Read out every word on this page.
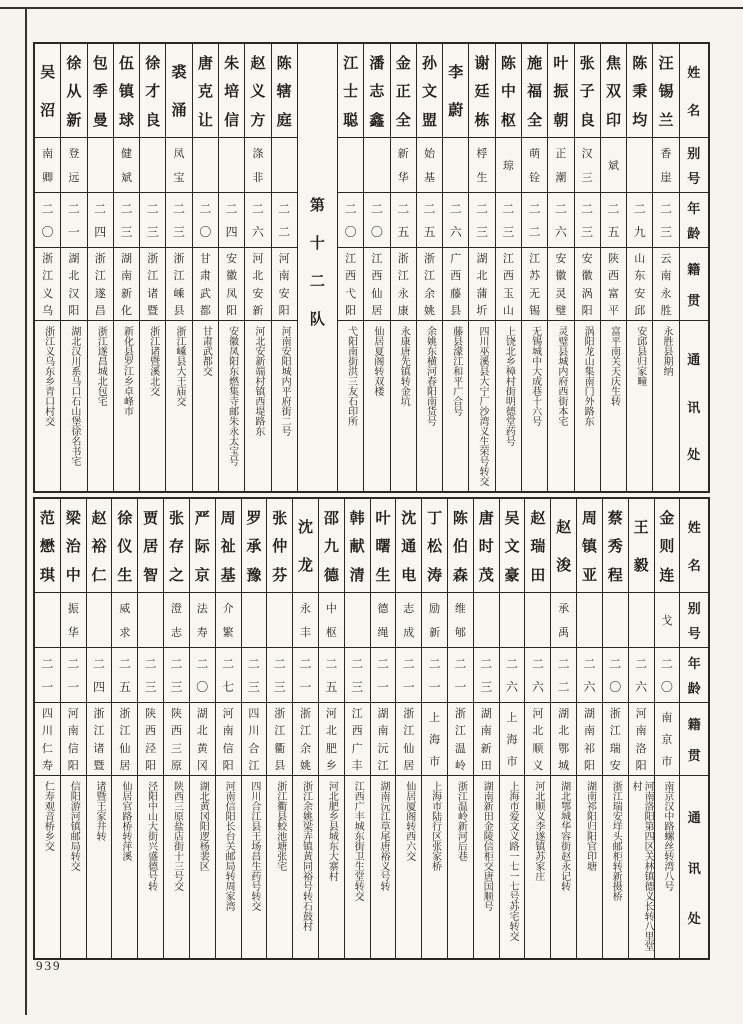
吴
沼
南
卿
二
〇
浙
江
义
乌
浙江义乌东乡青口村交
徐
从
新
登
远
二
一
湖
北
汉
阳
湖北汉川系马口石山堡徐名书宅
包
季
曼
二
四
浙
江
遂
昌
浙江遂昌城北包宅
伍
镇
球
健
斌
二
三
湖
南
新
化
新化县罗江乡卓峰市
徐
才
良
二
三
浙
江
诸
暨
浙江诸暨溪北交
裘
涌
凤
宝
二
三
浙
江
嵊
县
浙江嵊县大王庙交
唐
克
让
二
〇
甘
肃
武
都
甘肃武都交
朱
培
信
二
四
安
徽
凤
阳
安徽凤阳东燃集寺邮朱永太宝号
赵
义
方
涤
非
二
六
河
北
安
新
河北安新端村镇西堤路东
陈
辖
庭
二
二
河
南
安
阳
河南安阳城内平府街二号
第
十
二
队
江
士
聪
二
〇
江
西
弋
阳
弋阳南街洪三友石印所
潘
志
鑫
二
〇
江
西
仙
居
仙居夏阁转双楼
金
正
全
新
华
二
五
浙
江
永
康
永康唐先镇转金坑
孙
文
盟
始
基
二
五
浙
江
余
姚
余姚东横河春阳南货号
李
蔚
二
六
广
西
藤
县
藤县濛江和平广合号
谢
廷
栋
桴
生
二
三
湖
北
蒲
圻
四川巫溪县大宁厂沙湾义生荣号转交
陈
中
枢
琼
二
三
江
西
玉
山
上饶北乡樟村街明德堂药号
施
福
全
萌
铨
二
二
江
苏
无
锡
无锡城中大成巷十六号
叶
振
朝
正
潮
二
六
安
徽
灵
璧
灵璧县城内府西街本宅
张
子
良
汉
三
二
三
安
徽
涡
阳
涡阳龙山集南门外路东
焦
双
印
斌
二
五
陕
西
富
平
富平南关天庆生转
陈
秉
均
二
九
山
东
安
邱
安邱县归家疃
汪
锡
兰
香
崖
二
三
云
南
永
胜
永胜县期纳
姓
名
别
号
年
龄
籍
贯
通
讯
处
范
懋
琪
二
一
四
川
仁
寿
仁寿观音桥乡交
梁
治
中
振
华
二
一
河
南
信
阳
信阳游河镇邮局转交
赵
裕
仁
二
四
浙
江
诸
暨
诸暨王家井转
徐
仪
生
威
求
二
五
浙
江
仙
居
仙居官路桥转萍溪
贾
居
智
二
三
陕
西
泾
阳
泾阳中山大街兴盛德号转
张
存
之
澄
志
二
三
陕
西
三
原
陕西三原盐店街十三号交
严
际
京
法
寿
二
〇
湖
北
黄
冈
湖北黄冈阳逻杨裴区
周
祉
基
介
繁
二
七
河
南
信
阳
河南信阳长台关邮局转周家湾
罗
承
豫
二
三
四
川
合
江
四川合江县王场昌生药号转交
张
仲
芬
二
三
浙
江
衢
县
浙江衢县蛟池塘张宅
沈
龙
永
丰
二
一
浙
江
余
姚
浙江余姚梁弄镇黄同裕号转石鼓村
邵
九
德
中
枢
二
五
河
北
肥
乡
河北肥乡县城东大寨村
韩
献
清
二
三
江
西
广
丰
江西广丰城东街卫生堂转交
叶
曙
生
德
绳
二
一
湖
南
沅
江
湖南沅江草尾唐裕义号转
沈
通
电
志
成
二
一
浙
江
仙
居
仙居厦阁转西六交
丁
松
涛
励
新
二
一
上
海
市
上海市陆行区张家桥
陈
伯
森
维
郇
二
一
浙
江
温
岭
浙江温岭新河后巷
唐
时
茂
二
三
湖
南
新
田
湖南新田金陵信柜交唐国顺号
吴
文
豪
二
六
上
海
市
上海市爱文义路一七一七号苏宅转交
赵
瑞
田
二
六
河
北
顺
义
河北顺义李遂镇苏家庄
赵
浚
承
禹
二
二
湖
北
鄂
城
湖北鄂城华容街赵永记转
周
镇
亚
二
六
湖
南
祁
阳
湖南祁阳归阳官印塘
蔡
秀
程
二
〇
浙
江
瑞
安
浙江瑞安垟头邮柜转新摄桥
王
毅
二
六
河
南
洛
阳
河南洛阳第四区关林镇德义长转八里堂村
金
则
连
戈
二
〇
南
京
市
南京汉中路螺丝转湾八号
姓
名
别
号
年
龄
籍
贯
通
讯
处
939
